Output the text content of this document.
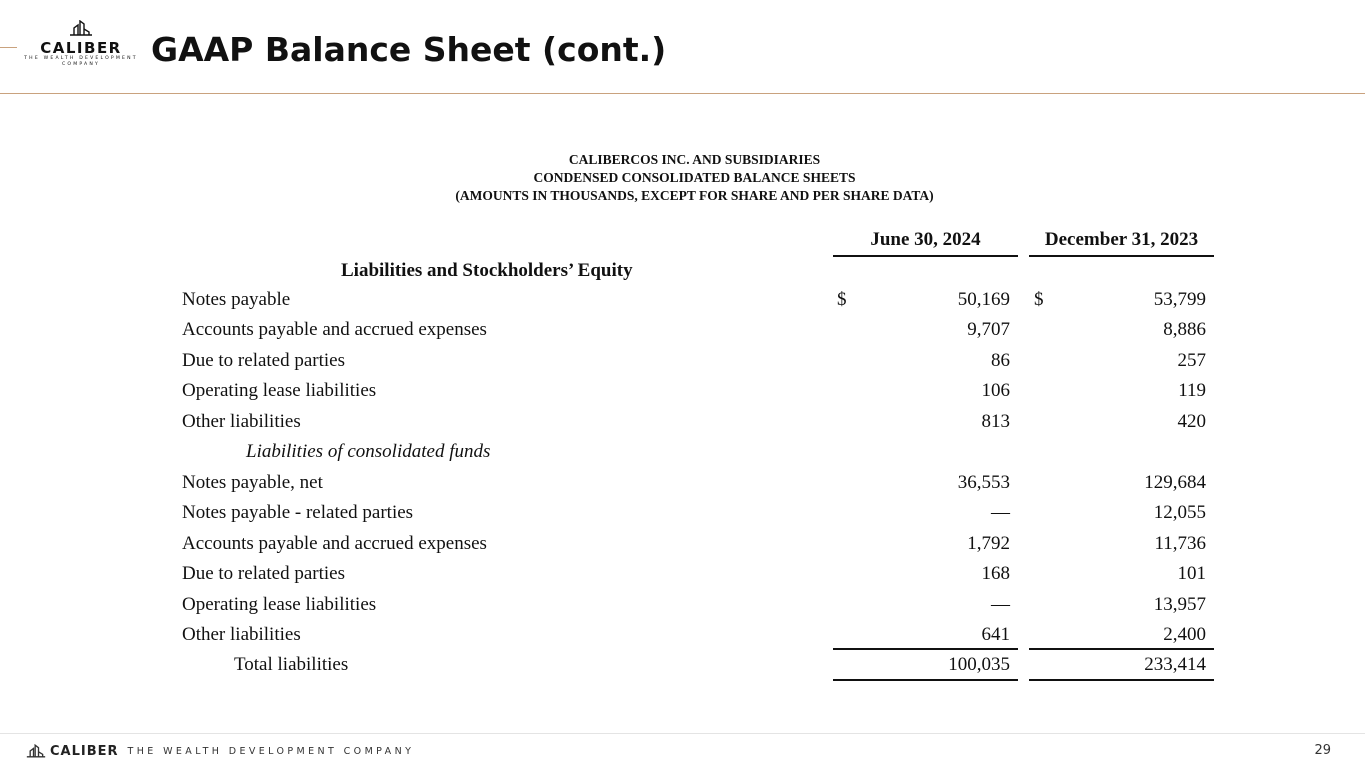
CALIBER
THE WEALTH DEVELOPMENT COMPANY	GAAP Balance Sheet (cont.)
CALIBERCOS INC. AND SUBSIDIARIES
CONDENSED CONSOLIDATED BALANCE SHEETS
(AMOUNTS IN THOUSANDS, EXCEPT FOR SHARE AND PER SHARE DATA)
June 30, 2024	December 31, 2023
Liabilities and Stockholders’ Equity
Notes payable	$	50,169 $	53,799
Accounts payable and accrued expenses	9,707	8,886
Due to related parties	86	257
Operating lease liabilities	106	119
Other liabilities	813	420
Liabilities of consolidated funds
Notes payable, net	36,553	129,684
Notes payable - related parties	—	12,055
Accounts payable and accrued expenses	1,792	11,736
Due to related parties	168	101
Operating lease liabilities	—	13,957
Other liabilities	641	2,400
Total liabilities	100,035	233,414
CALIBER THE WEALTH DEVELOPMENT COMPANY	29
